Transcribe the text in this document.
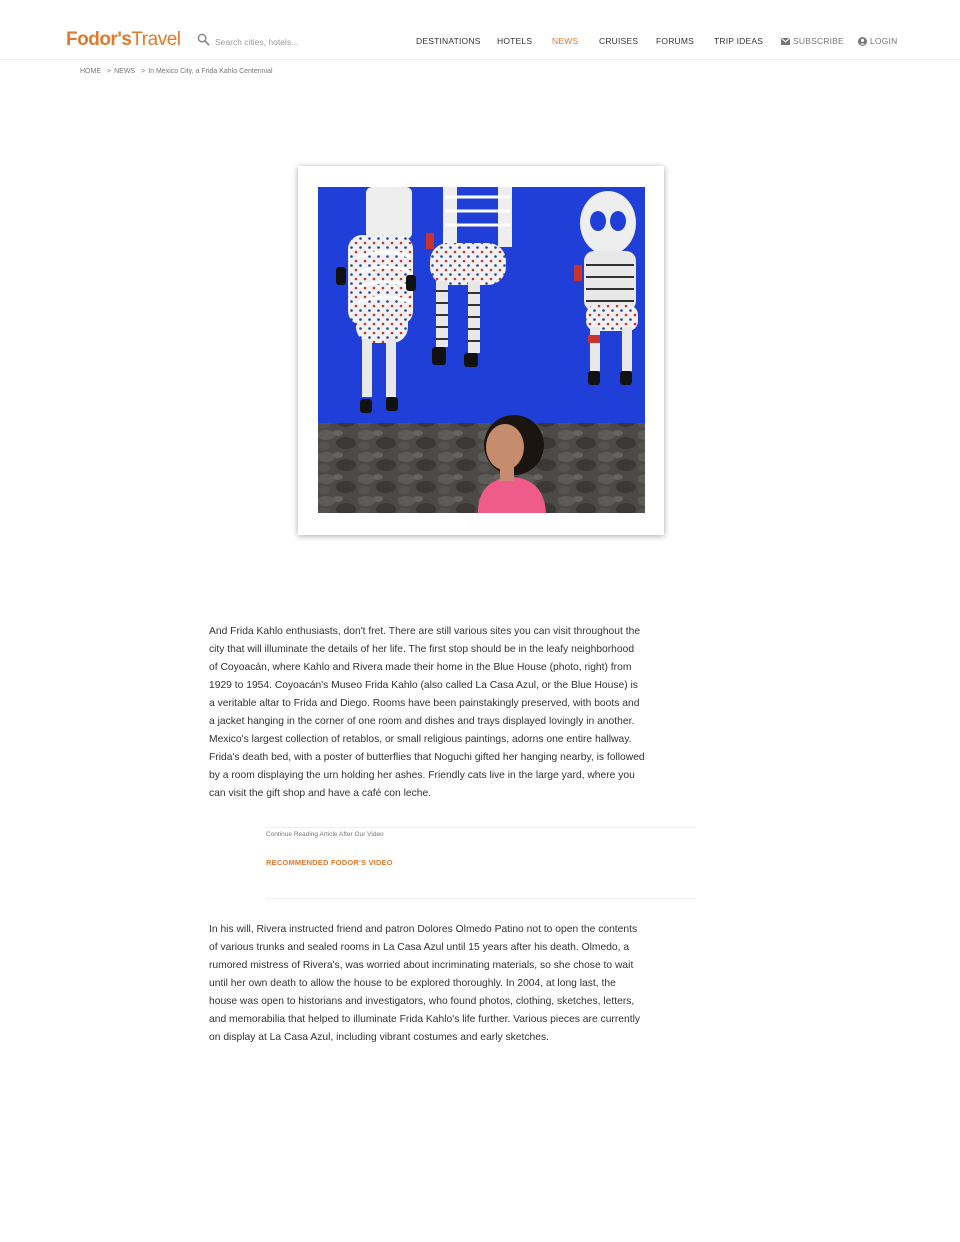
Fodor'sTravel
Search cities, hotels...	DESTINATIONS HOTELS NEWS CRUISES FORUMS TRIP IDEAS	SUBSCRIBE	LOGIN
HOME > NEWS > In Mexico City, a Frida Kahlo Centennial

And Frida Kahlo enthusiasts, don't fret. There are still various sites you can visit throughout the city that will illuminate the details of her life. The first stop should be in the leafy neighborhood of Coyoacán, where Kahlo and Rivera made their home in the Blue House (photo, right) from 1929 to 1954. Coyoacán's Museo Frida Kahlo (also called La Casa Azul, or the Blue House) is a veritable altar to Frida and Diego. Rooms have been painstakingly preserved, with boots and a jacket hanging in the corner of one room and dishes and trays displayed lovingly in another. Mexico's largest collection of retablos, or small religious paintings, adorns one entire hallway. Frida's death bed, with a poster of butterflies that Noguchi gifted her hanging nearby, is followed by a room displaying the urn holding her ashes. Friendly cats live in the large yard, where you can visit the gift shop and have a café con leche.

Continue Reading Article After Our Video
RECOMMENDED FODOR'S VIDEO

In his will, Rivera instructed friend and patron Dolores Olmedo Patino not to open the contents of various trunks and sealed rooms in La Casa Azul until 15 years after his death. Olmedo, a rumored mistress of Rivera's, was worried about incriminating materials, so she chose to wait until her own death to allow the house to be explored thoroughly. In 2004, at long last, the house was open to historians and investigators, who found photos, clothing, sketches, letters, and memorabilia that helped to illuminate Frida Kahlo's life further. Various pieces are currently on display at La Casa Azul, including vibrant costumes and early sketches.
